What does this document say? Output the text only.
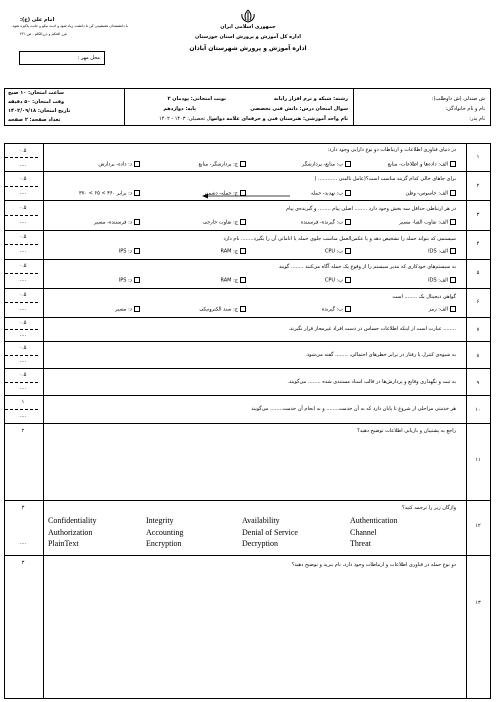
امام علی (ع):
با دانشمندان همنشینی کن تا دانشت زیاد شود و ادبت نیکو و جانت پاکیزه شود.
غرر الحکم و دررالکلم ، ص ۴۲۱
جمهوری اسلامی ایران
اداره کل آموزش و پرورش استان خوزستان
اداره آموزش و پرورش شهرستان آبادان
محل مهر :
ش صندلی (ش داوطلب):
نام و نام خانوادگی:
نام پدر:
رشته: شبکه و نرم افزار رایانه
نوبت امتحانی: پودمان ۲
سوال امتحان درس: دانش فنی تخصصی
پایه: دوازدهم
نام واحد آموزشی: هنرستان فنی و حرفه‌ای علامه دوانی
سال تحصیلی: ۱۴۰۳ - ۱۴۰۲
ساعت امتحان: ۱۰ صبح
وقت امتحان: ۵۰ دقیقه
تاریخ امتحان: ۱۴۰۲/۰۹/۱۸
تعداد صفحه: ۲ صفحه
۰.۵
....
۱
در دنیای فناوری اطلاعات و ارتباطات دو نوع دارایی وجود دارد:
الف: داده‌ها و اطلاعات- منابع
ب: منابع- پردازشگر
ج: پردازشگر- منابع
د: داده- پردازش
۰.۵
....
۲
برای جاهای خالی کدام گزینه مناسب است؟(عامل ناامنی ............ )
الف: جاسوس- وطن
ب: تهدید- حمله
ج: حمله- دشمن
د: برابر ۳۶۰ > ۶۵ > ۳۷۰
۰.۵
....
۳
در هر ارتباطی حداقل سه بخش وجود دارد ........ اصلی پیام ........ و گیرنده‌ی پیام
الف: تفاوت الفبا- مسیر
ب: گیرنده- فرستنده
ج: تفاوت خارجی
د: فرستنده- مسیر
۰.۵
....
۴
سیستمی که بتواند حمله را تشخیص دهد و یا عکس‌العمل مناسب جلوی حمله یا اتاماتی آن را بگیرد........ نام دارد
الف: IDS
ب: CPU
ج: RAM
د: IPS
۰.۵
....
۵
به سیستم‌های خودکاری که مدیر سیستم را از وقوع یک حمله آگاه می‌کنند ........ گویند
الف: IDS
ب: CPU
ج: RAM
د: IPS
۰.۵
....
۶
گواهی دیجیتال یک ........ است
الف: رمز
ب: گیرنده
ج: سند الکترونیکی
د: مسیر
۰.۵
....
۷
........ عبارت است از اینکه اطلاعات حساس در دست افراد غیرمجاز قرار نگیرند.
۰.۵
....
۸
به شیوه‌ی کنترل یا رفتار در برابر خطرهای احتمالی، ........ گفته می‌شود.
۰.۵
....
۹
به ثبت و نگهداری وقایع و پردازش‌ها در قالب اسناد مستندی شده ........ می‌گویند.
۱
....
۱۰
هر خدمتی مراحلی از شروع تا پایان دارد که به آن خدمت........ و به انجام آن خدمت........ می‌گویند
۲
۱۱
راجع به پشتیبان و بازیابی اطلاعات توضیح دهید؟
۳
....
۱۲
واژگان زیر را ترجمه کنید؟
Confidentiality	Integrity	Availability	Authentication
Authorization	Accounting	Denial of Service	Channel
PlainText	Encryption	Decryption	Threat
۳
۱۳
دو نوع حمله در فناوری اطلاعات و ارتباطات وجود دارد، نام ببرید و توضیح دهید؟
